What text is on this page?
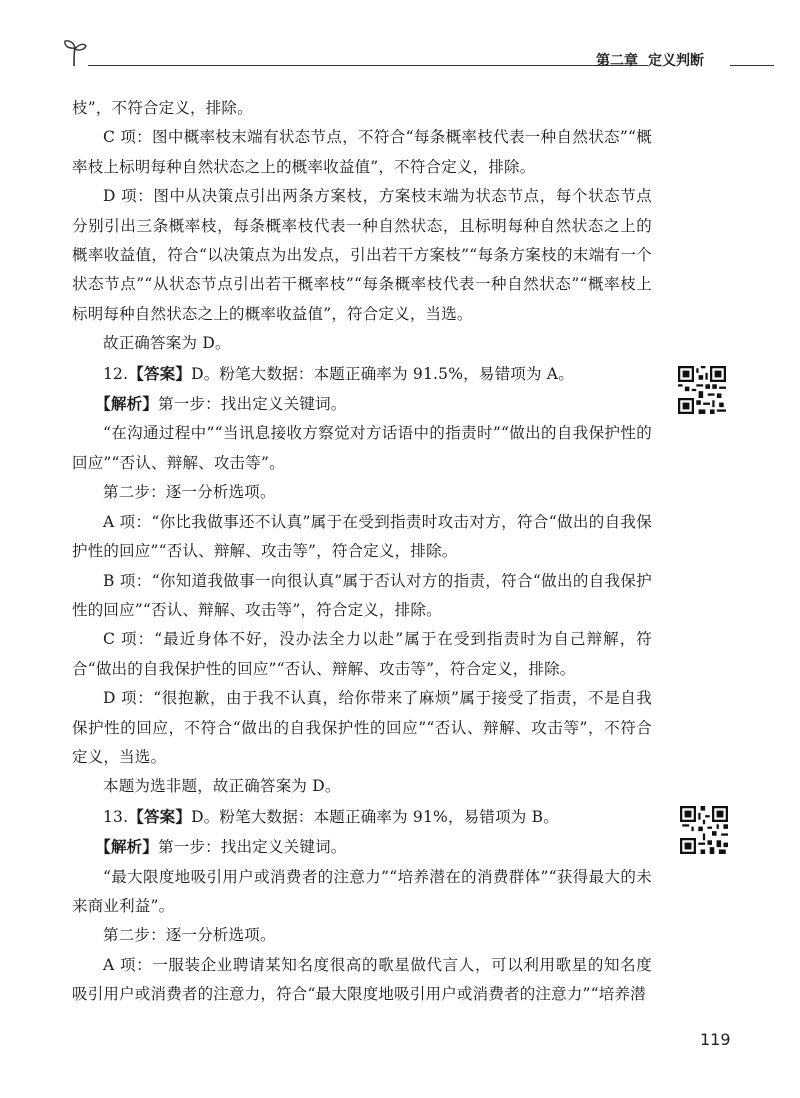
第二章 定义判断

枝”，不符合定义，排除。

C 项：图中概率枝末端有状态节点，不符合“每条概率枝代表一种自然状态”“概率枝上标明每种自然状态之上的概率收益值”，不符合定义，排除。

D 项：图中从决策点引出两条方案枝，方案枝末端为状态节点，每个状态节点分别引出三条概率枝，每条概率枝代表一种自然状态，且标明每种自然状态之上的概率收益值，符合“以决策点为出发点，引出若干方案枝”“每条方案枝的末端有一个状态节点”“从状态节点引出若干概率枝”“每条概率枝代表一种自然状态”“概率枝上标明每种自然状态之上的概率收益值”，符合定义，当选。

故正确答案为 D。

12.【答案】D。粉笔大数据：本题正确率为 91.5%，易错项为 A。

【解析】第一步：找出定义关键词。

“在沟通过程中”“当讯息接收方察觉对方话语中的指责时”“做出的自我保护性的回应”“否认、辩解、攻击等”。

第二步：逐一分析选项。

A 项：“你比我做事还不认真”属于在受到指责时攻击对方，符合“做出的自我保护性的回应”“否认、辩解、攻击等”，符合定义，排除。

B 项：“你知道我做事一向很认真”属于否认对方的指责，符合“做出的自我保护性的回应”“否认、辩解、攻击等”，符合定义，排除。

C 项：“最近身体不好，没办法全力以赴”属于在受到指责时为自己辩解，符合“做出的自我保护性的回应”“否认、辩解、攻击等”，符合定义，排除。

D 项：“很抱歉，由于我不认真，给你带来了麻烦”属于接受了指责，不是自我保护性的回应，不符合“做出的自我保护性的回应”“否认、辩解、攻击等”，不符合定义，当选。

本题为选非题，故正确答案为 D。

13.【答案】D。粉笔大数据：本题正确率为 91%，易错项为 B。

【解析】第一步：找出定义关键词。

“最大限度地吸引用户或消费者的注意力”“培养潜在的消费群体”“获得最大的未来商业利益”。

第二步：逐一分析选项。

A 项：一服装企业聘请某知名度很高的歌星做代言人，可以利用歌星的知名度吸引用户或消费者的注意力，符合“最大限度地吸引用户或消费者的注意力”“培养潜

119
